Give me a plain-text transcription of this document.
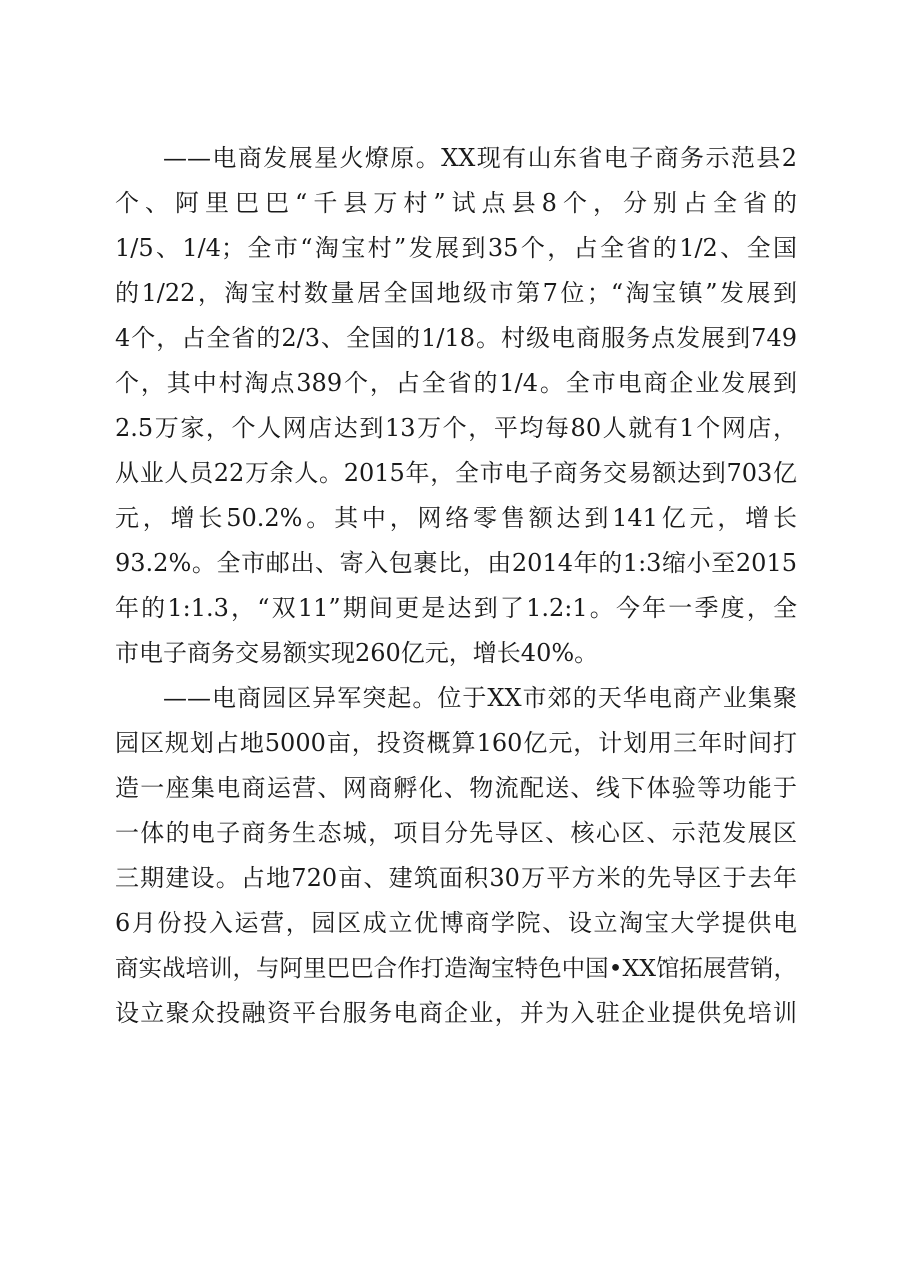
——电商发展星火燎原。XX现有山东省电子商务示范县2
个、阿里巴巴“千县万村”试点县8个，分别占全省的
1/5、1/4；全市“淘宝村”发展到35个，占全省的1/2、全国
的1/22，淘宝村数量居全国地级市第7位；“淘宝镇”发展到
4个，占全省的2/3、全国的1/18。村级电商服务点发展到749
个，其中村淘点389个，占全省的1/4。全市电商企业发展到
2.5万家，个人网店达到13万个，平均每80人就有1个网店，
从业人员22万余人。2015年，全市电子商务交易额达到703亿
元，增长50.2%。其中，网络零售额达到141亿元，增长
93.2%。全市邮出、寄入包裹比，由2014年的1:3缩小至2015
年的1:1.3，“双11”期间更是达到了1.2:1。今年一季度，全
市电子商务交易额实现260亿元，增长40%。
——电商园区异军突起。位于XX市郊的天华电商产业集聚
园区规划占地5000亩，投资概算160亿元，计划用三年时间打
造一座集电商运营、网商孵化、物流配送、线下体验等功能于
一体的电子商务生态城，项目分先导区、核心区、示范发展区
三期建设。占地720亩、建筑面积30万平方米的先导区于去年
6月份投入运营，园区成立优博商学院、设立淘宝大学提供电
商实战培训，与阿里巴巴合作打造淘宝特色中国•XX馆拓展营销，
设立聚众投融资平台服务电商企业，并为入驻企业提供免培训
